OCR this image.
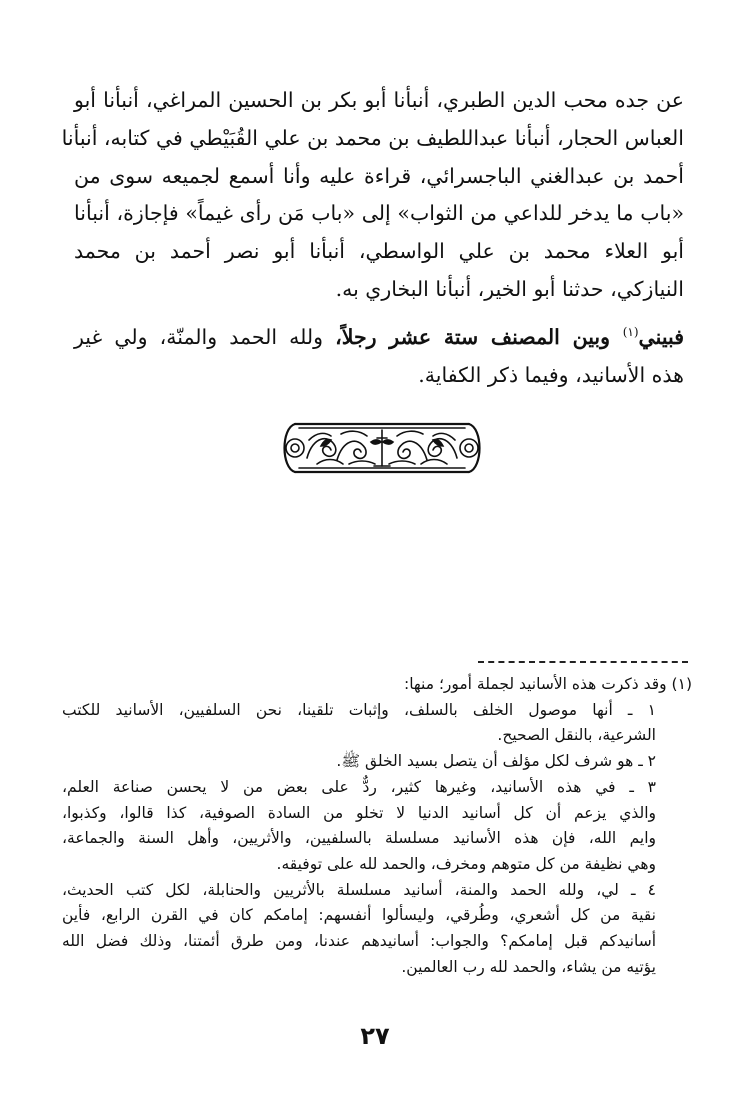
عن جده محب الدين الطبري، أنبأنا أبو بكر بن الحسين المراغي، أنبأنا أبو
العباس الحجار، أنبأنا عبداللطيف بن محمد بن علي القُبَيْطي في كتابه، أنبأنا
أحمد بن عبدالغني الباجسرائي، قراءة عليه وأنا أسمع لجميعه سوى من
«باب ما يدخر للداعي من الثواب» إلى «باب مَن رأى غيماً» فإجازة، أنبأنا
أبو العلاء محمد بن علي الواسطي، أنبأنا أبو نصر أحمد بن محمد
النيازكي، حدثنا أبو الخير، أنبأنا البخاري به.
فبيني$^{(١)}$ وبين المصنف ستة عشر رجلاً، ولله الحمد والمنّة، ولي غير
هذه الأسانيد، وفيما ذكر الكفاية.
(١) وقد ذكرت هذه الأسانيد لجملة أمور؛ منها:
١ ـ أنها موصول الخلف بالسلف، وإثبات تلقينا، نحن السلفيين، الأسانيد للكتب
الشرعية، بالنقل الصحيح.
٢ ـ هو شرف لكل مؤلف أن يتصل بسيد الخلق ﷺ.
٣ ـ في هذه الأسانيد، وغيرها كثير، ردٌّ على بعض من لا يحسن صناعة العلم،
والذي يزعم أن كل أسانيد الدنيا لا تخلو من السادة الصوفية، كذا قالوا، وكذبوا،
وايم الله، فإن هذه الأسانيد مسلسلة بالسلفيين، والأثريين، وأهل السنة والجماعة،
وهي نظيفة من كل متوهم ومخرف، والحمد لله على توفيقه.
٤ ـ لي، ولله الحمد والمنة، أسانيد مسلسلة بالأثريين والحنابلة، لكل كتب الحديث،
نقية من كل أشعري، وطُرقي، وليسألوا أنفسهم: إمامكم كان في القرن الرابع، فأين
أسانيدكم قبل إمامكم؟ والجواب: أسانيدهم عندنا، ومن طرق أئمتنا، وذلك فضل الله
يؤتيه من يشاء، والحمد لله رب العالمين.
٢٧
